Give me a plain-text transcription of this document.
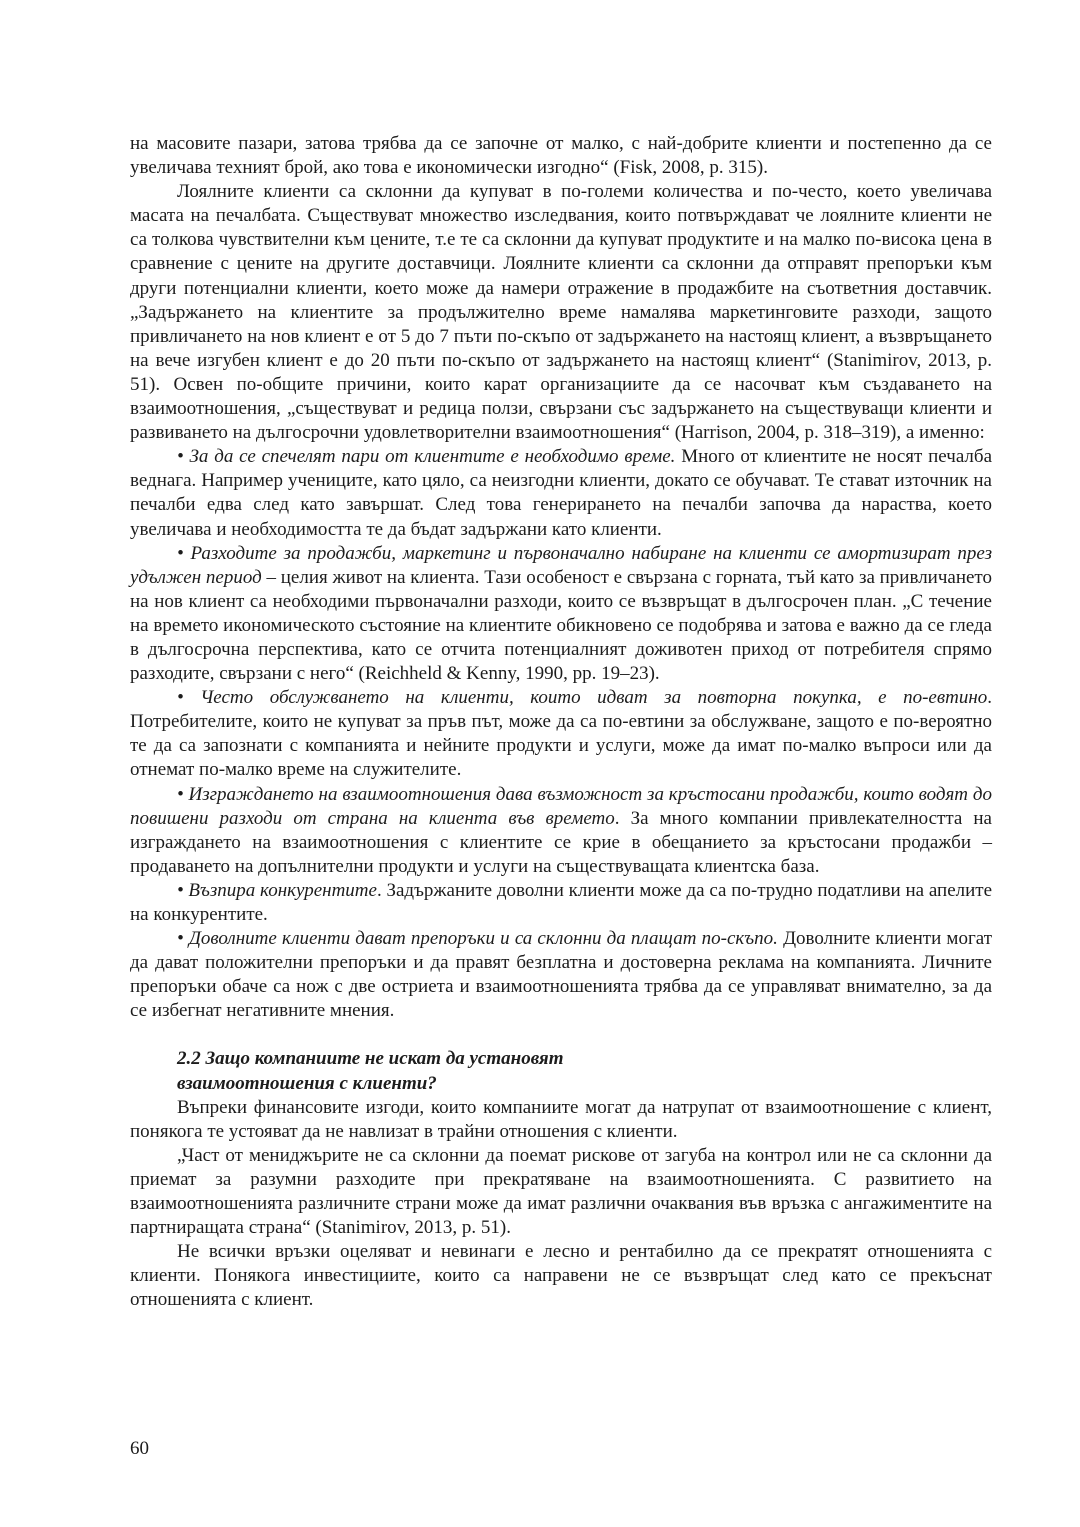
на масовите пазари, затова трябва да се започне от малко, с най-добрите клиенти и постепенно да се увеличава техният брой, ако това е икономически изгодно“ (Fisk, 2008, p. 315).

Лоялните клиенти са склонни да купуват в по-големи количества и по-често, което увеличава масата на печалбата. Съществуват множество изследвания, които потвърждават че лоялните клиенти не са толкова чувствителни към цените, т.е те са склонни да купуват продуктите и на малко по-висока цена в сравнение с цените на другите доставчици. Лоялните клиенти са склонни да отправят препоръки към други потенциални клиенти, което може да намери отражение в продажбите на съответния доставчик. „Задържането на клиентите за продължително време намалява маркетинговите разходи, защото привличането на нов клиент е от 5 до 7 пъти по-скъпо от задържането на настоящ клиент, а възвръщането на вече изгубен клиент е до 20 пъти по-скъпо от задържането на настоящ клиент“ (Stanimirov, 2013, p. 51). Освен по-общите причини, които карат организациите да се насочват към създаването на взаимоотношения, „съществуват и редица ползи, свързани със задържането на съществуващи клиенти и развиването на дългосрочни удовлетворителни взаимоотношения“ (Harrison, 2004, p. 318–319), а именно:

• За да се спечелят пари от клиентите е необходимо време. Много от клиентите не носят печалба веднага. Например учениците, като цяло, са неизгодни клиенти, докато се обучават. Те стават източник на печалби едва след като завършат. След това генерирането на печалби започва да нараства, което увеличава и необходимостта те да бъдат задържани като клиенти.

• Разходите за продажби, маркетинг и първоначално набиране на клиенти се амортизират през удължен период – целия живот на клиента. Тази особеност е свързана с горната, тъй като за привличането на нов клиент са необходими първоначални разходи, които се възвръщат в дългосрочен план. „С течение на времето икономическото състояние на клиентите обикновено се подобрява и затова е важно да се гледа в дългосрочна перспектива, като се отчита потенциалният доживотен приход от потребителя спрямо разходите, свързани с него“ (Reichheld & Kenny, 1990, pp. 19–23).

• Често обслужването на клиенти, които идват за повторна покупка, е по-евтино. Потребителите, които не купуват за пръв път, може да са по-евтини за обслужване, защото е по-вероятно те да са запознати с компанията и нейните продукти и услуги, може да имат по-малко въпроси или да отнемат по-малко време на служителите.

• Изграждането на взаимоотношения дава възможност за кръстосани продажби, които водят до повишени разходи от страна на клиента във времето. За много компании привлекателността на изграждането на взаимоотношения с клиентите се крие в обещанието за кръстосани продажби – продаването на допълнителни продукти и услуги на съществуващата клиентска база.

• Възпира конкурентите. Задържаните доволни клиенти може да са по-трудно податливи на апелите на конкурентите.

• Доволните клиенти дават препоръки и са склонни да плащат по-скъпо. Доволните клиенти могат да дават положителни препоръки и да правят безплатна и достоверна реклама на компанията. Личните препоръки обаче са нож с две остриета и взаимоотношенията трябва да се управляват внимателно, за да се избегнат негативните мнения.

2.2 Защо компаниите не искат да установят
взаимоотношения с клиенти?

Въпреки финансовите изгоди, които компаниите могат да натрупат от взаимоотношение с клиент, понякога те устояват да не навлизат в трайни отношения с клиенти.

„Част от мениджърите не са склонни да поемат рискове от загуба на контрол или не са склонни да приемат за разумни разходите при прекратяване на взаимоотношенията. С развитието на взаимоотношенията различните страни може да имат различни очаквания във връзка с ангажиментите на партниращата страна“ (Stanimirov, 2013, p. 51).

Не всички връзки оцеляват и невинаги е лесно и рентабилно да се прекратят отношенията с клиенти. Понякога инвестициите, които са направени не се възвръщат след като се прекъснат отношенията с клиент.

60
